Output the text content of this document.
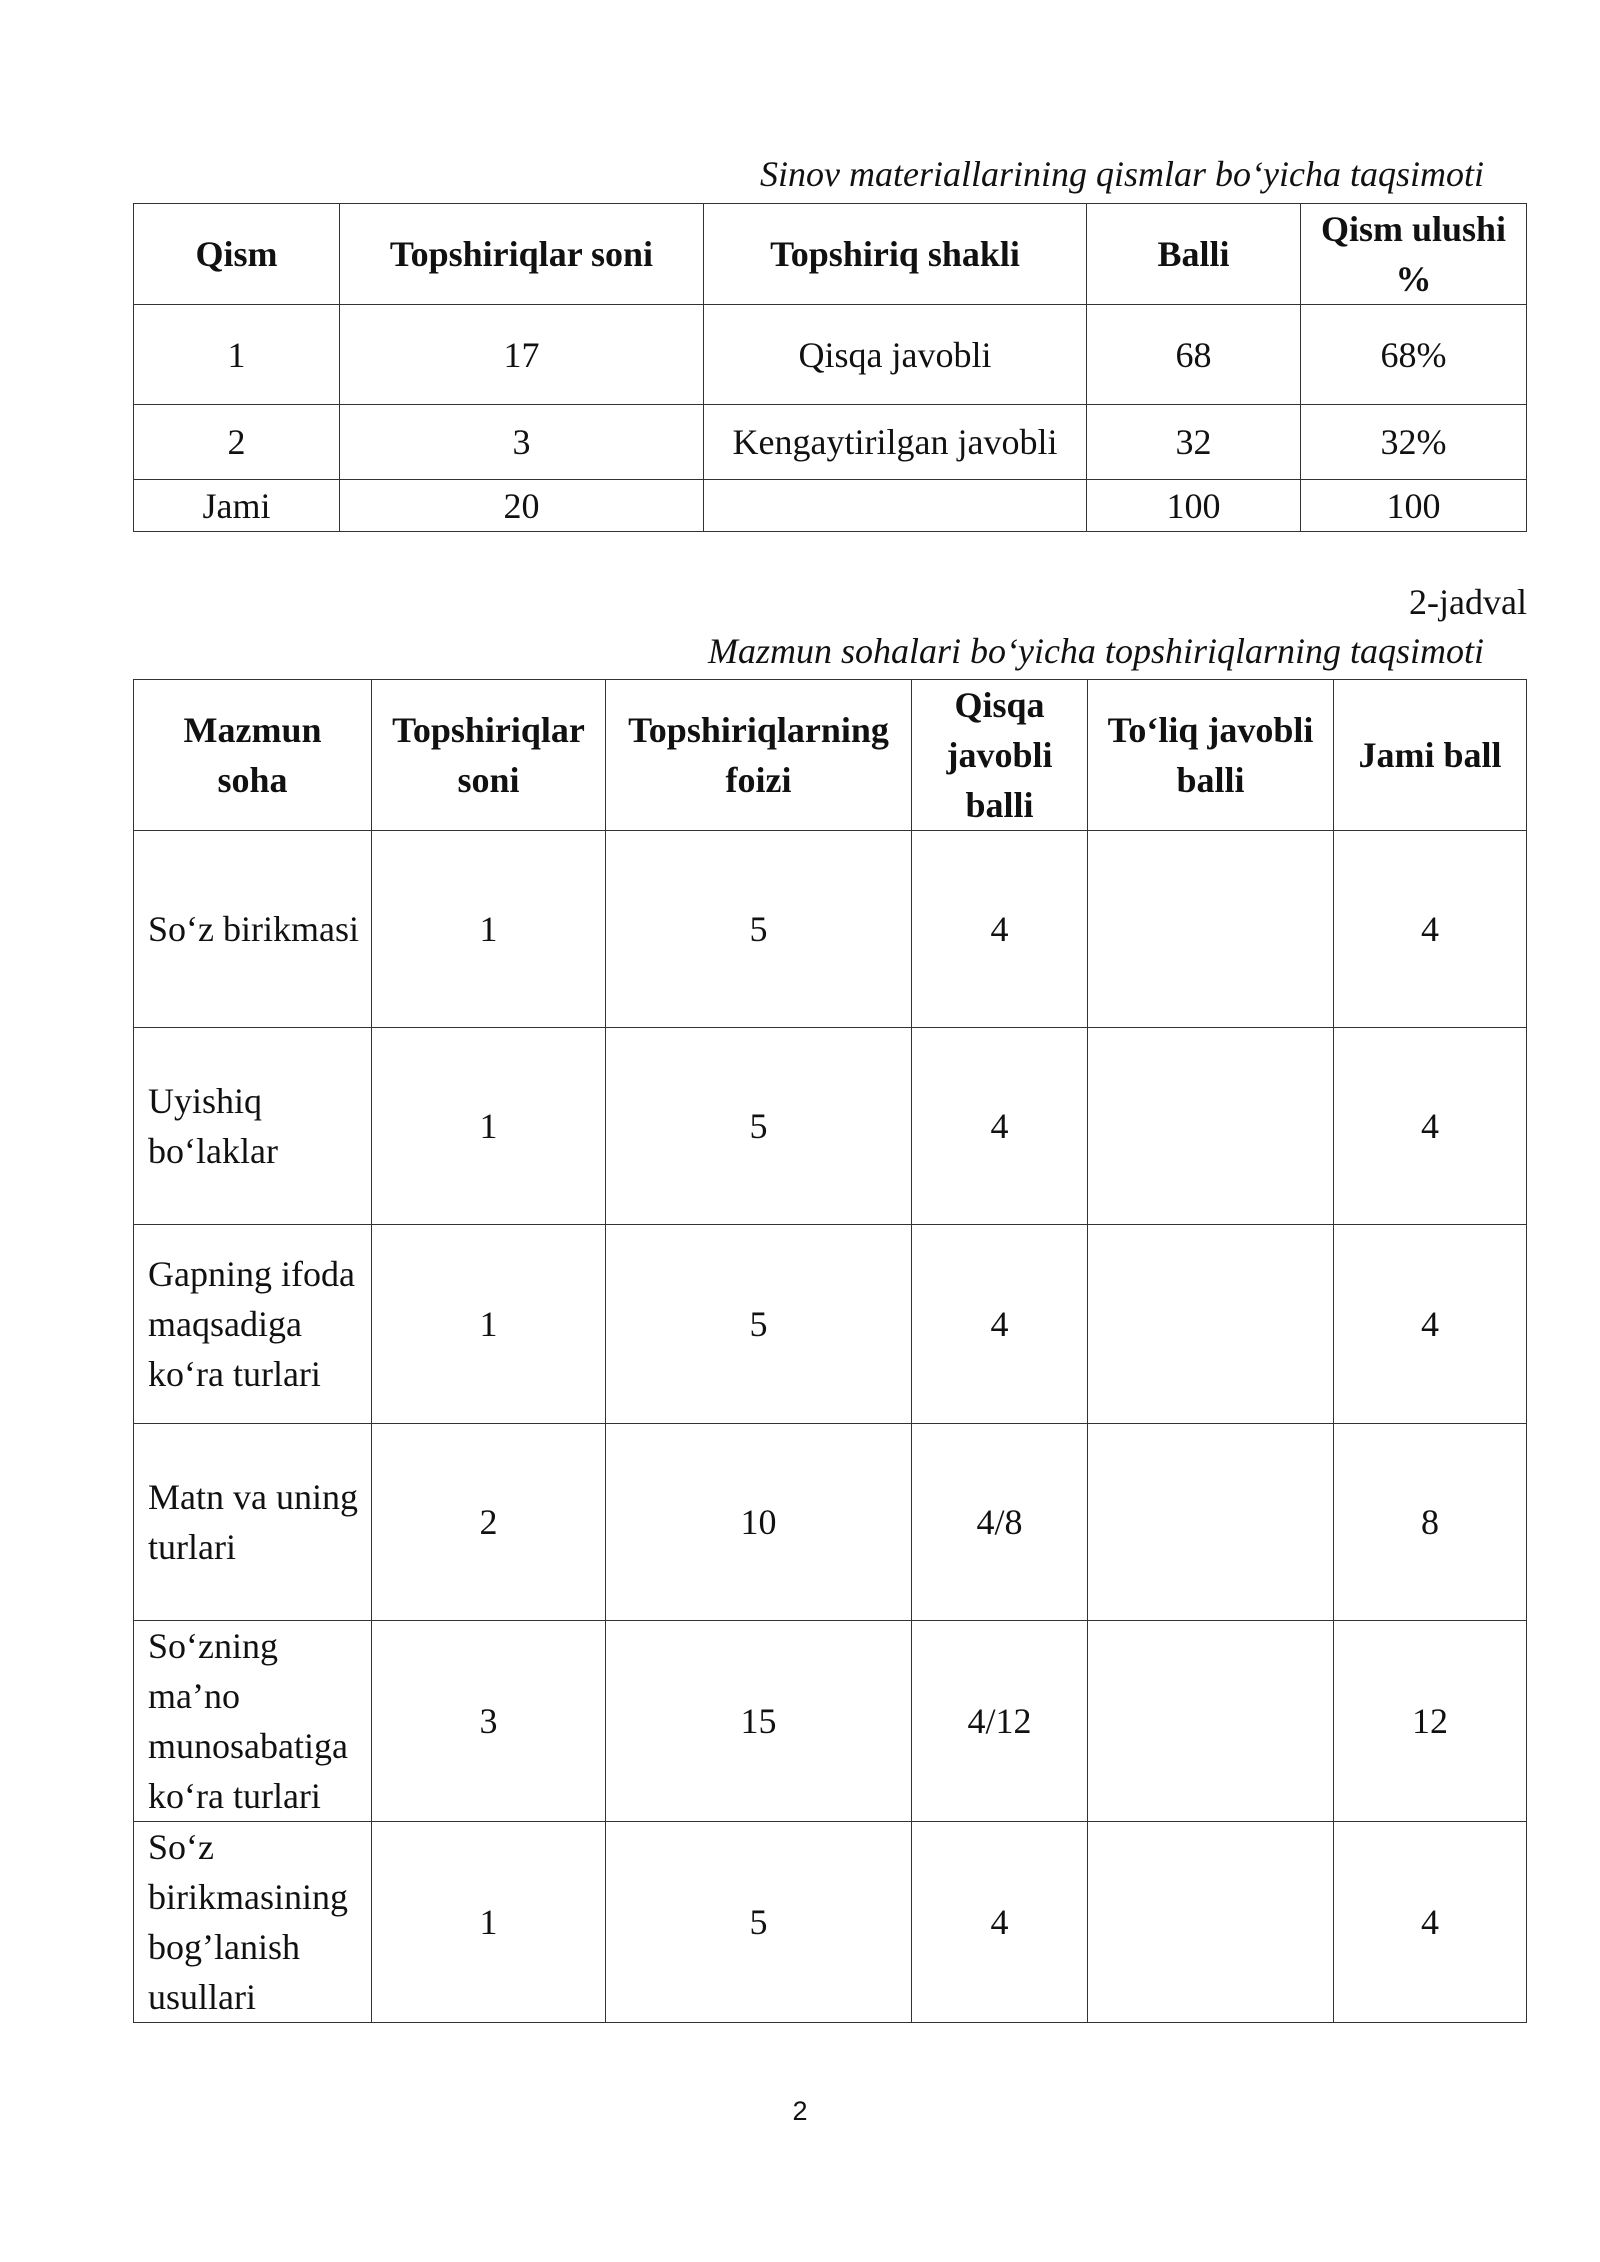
Sinov materiallarining qismlar bo‘yicha taqsimoti
Qism	Topshiriqlar soni	Topshiriq shakli	Balli	Qism ulushi %
1	17	Qisqa javobli	68	68%
2	3	Kengaytirilgan javobli	32	32%
Jami	20		100	100
2-jadval
Mazmun sohalari bo‘yicha topshiriqlarning taqsimoti
Mazmun soha	Topshiriqlar soni	Topshiriqlarning foizi	Qisqa javobli balli	To‘liq javobli balli	Jami ball
So‘z birikmasi	1	5	4		4
Uyishiq bo‘laklar	1	5	4		4
Gapning ifoda maqsadiga ko‘ra turlari	1	5	4		4
Matn va uning turlari	2	10	4/8		8
So‘zning ma’no munosabatiga ko‘ra turlari	3	15	4/12		12
So‘z birikmasining bog’lanish usullari	1	5	4		4
2
